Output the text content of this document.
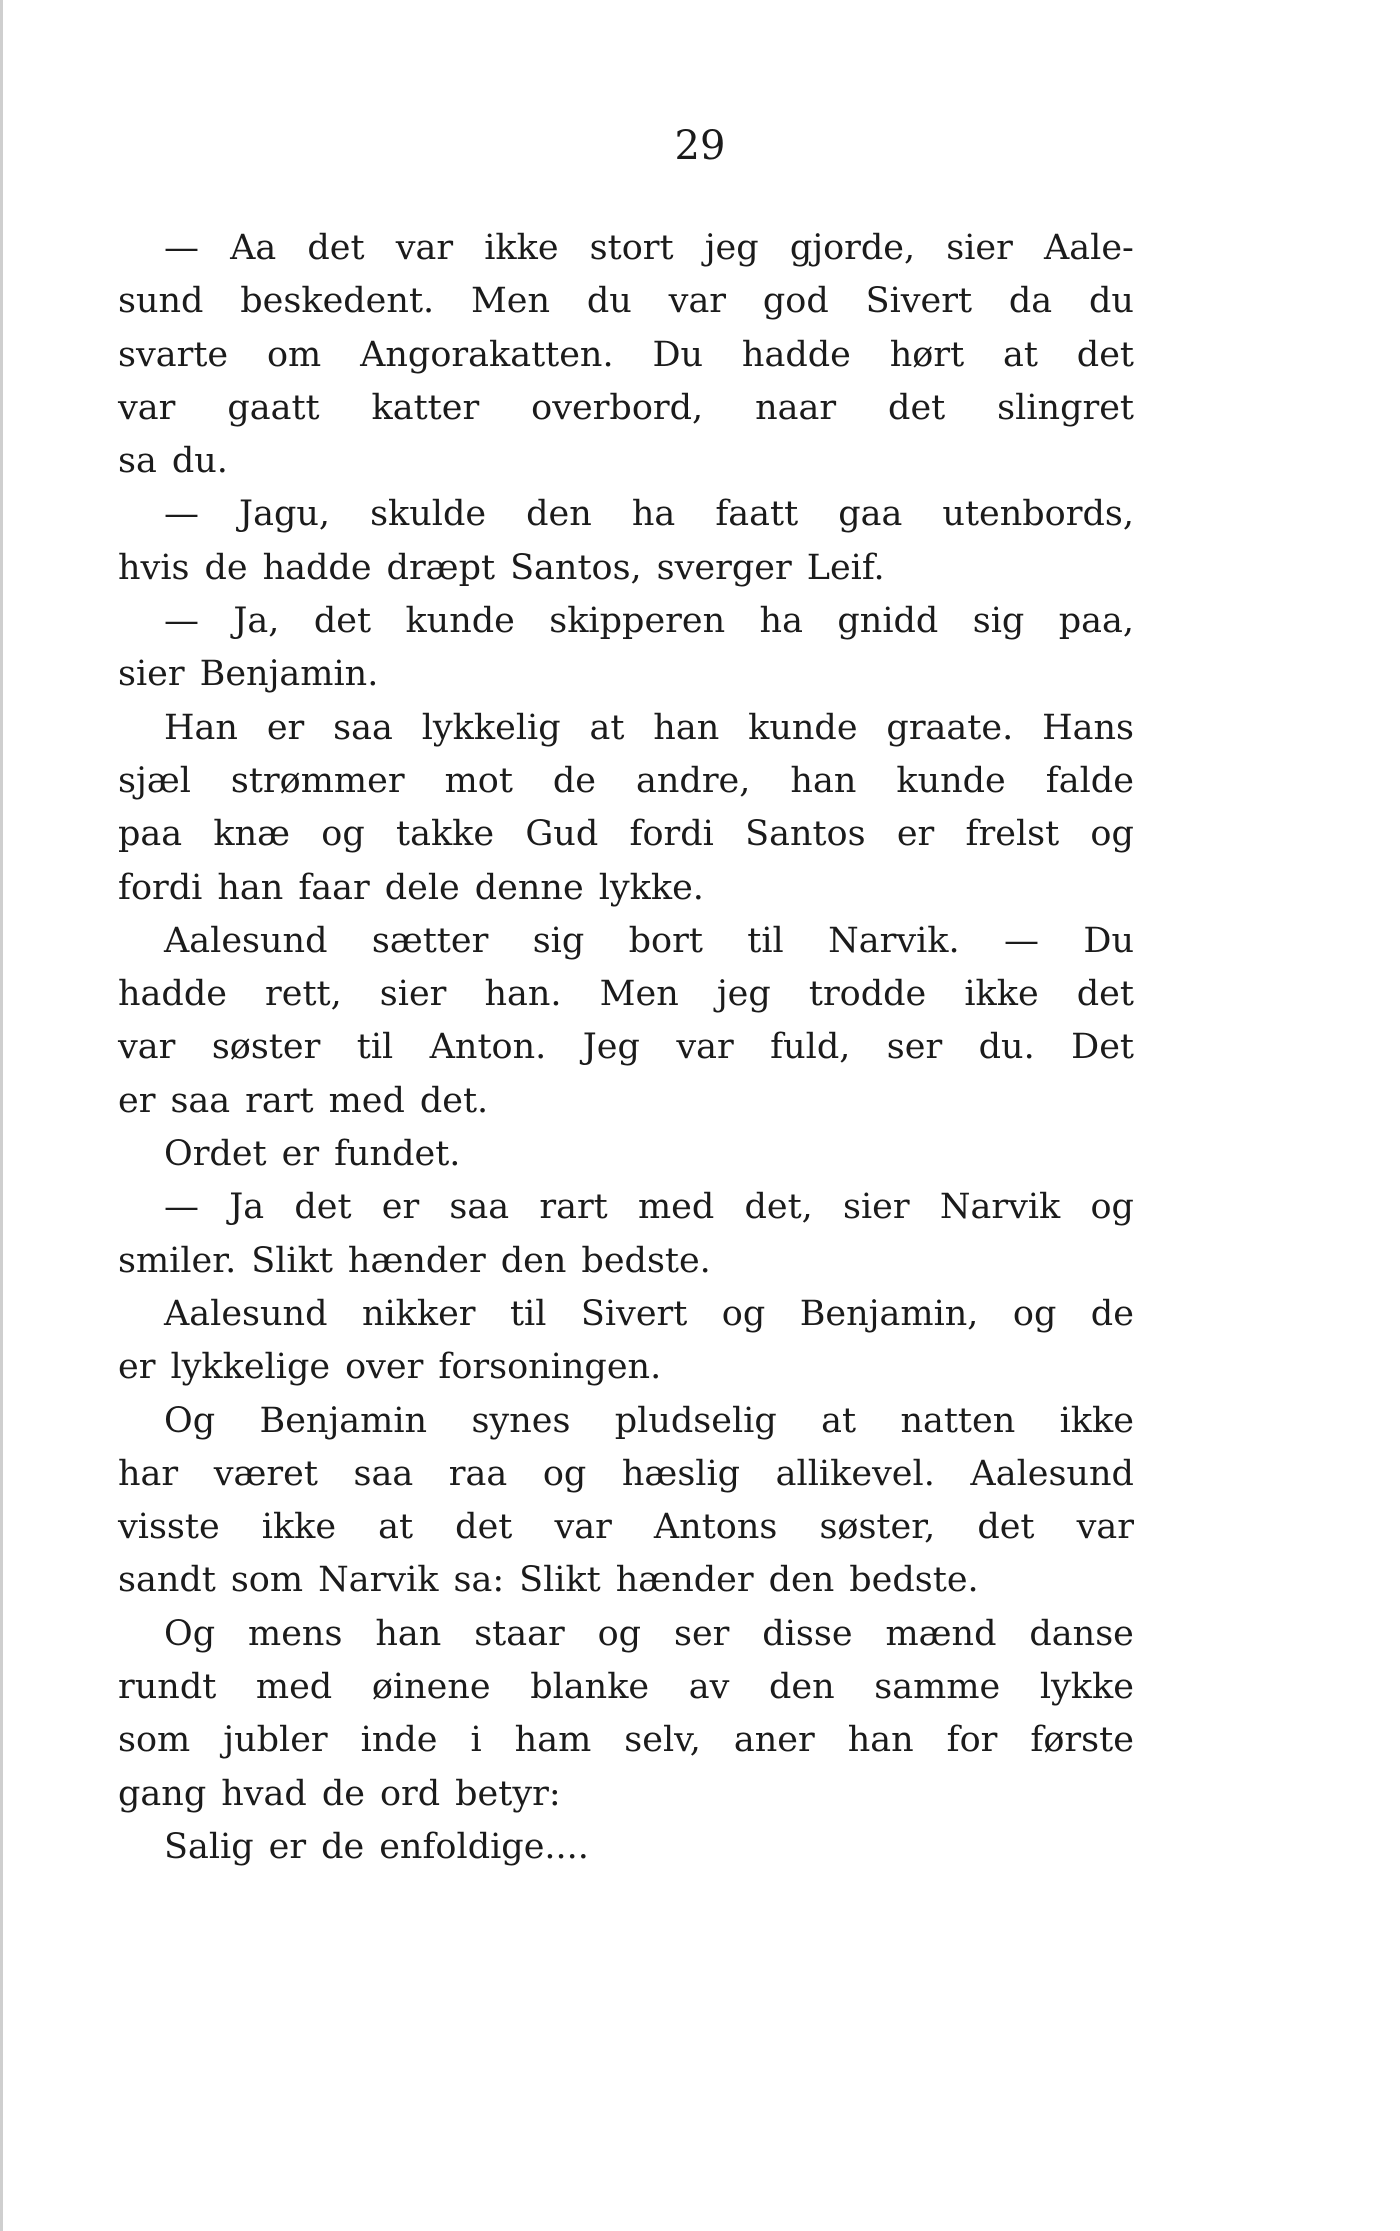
29
— Aa det var ikke stort jeg gjorde, sier Aale-
sund beskedent. Men du var god Sivert da du
svarte om Angorakatten. Du hadde hørt at det
var gaatt katter overbord, naar det slingret
sa du.
— Jagu, skulde den ha faatt gaa utenbords,
hvis de hadde dræpt Santos, sverger Leif.
— Ja, det kunde skipperen ha gnidd sig paa,
sier Benjamin.
Han er saa lykkelig at han kunde graate. Hans
sjæl strømmer mot de andre, han kunde falde
paa knæ og takke Gud fordi Santos er frelst og
fordi han faar dele denne lykke.
Aalesund sætter sig bort til Narvik. — Du
hadde rett, sier han. Men jeg trodde ikke det
var søster til Anton. Jeg var fuld, ser du. Det
er saa rart med det.
Ordet er fundet.
— Ja det er saa rart med det, sier Narvik og
smiler. Slikt hænder den bedste.
Aalesund nikker til Sivert og Benjamin, og de
er lykkelige over forsoningen.
Og Benjamin synes pludselig at natten ikke
har været saa raa og hæslig allikevel. Aalesund
visste ikke at det var Antons søster, det var
sandt som Narvik sa: Slikt hænder den bedste.
Og mens han staar og ser disse mænd danse
rundt med øinene blanke av den samme lykke
som jubler inde i ham selv, aner han for første
gang hvad de ord betyr:
Salig er de enfoldige....
